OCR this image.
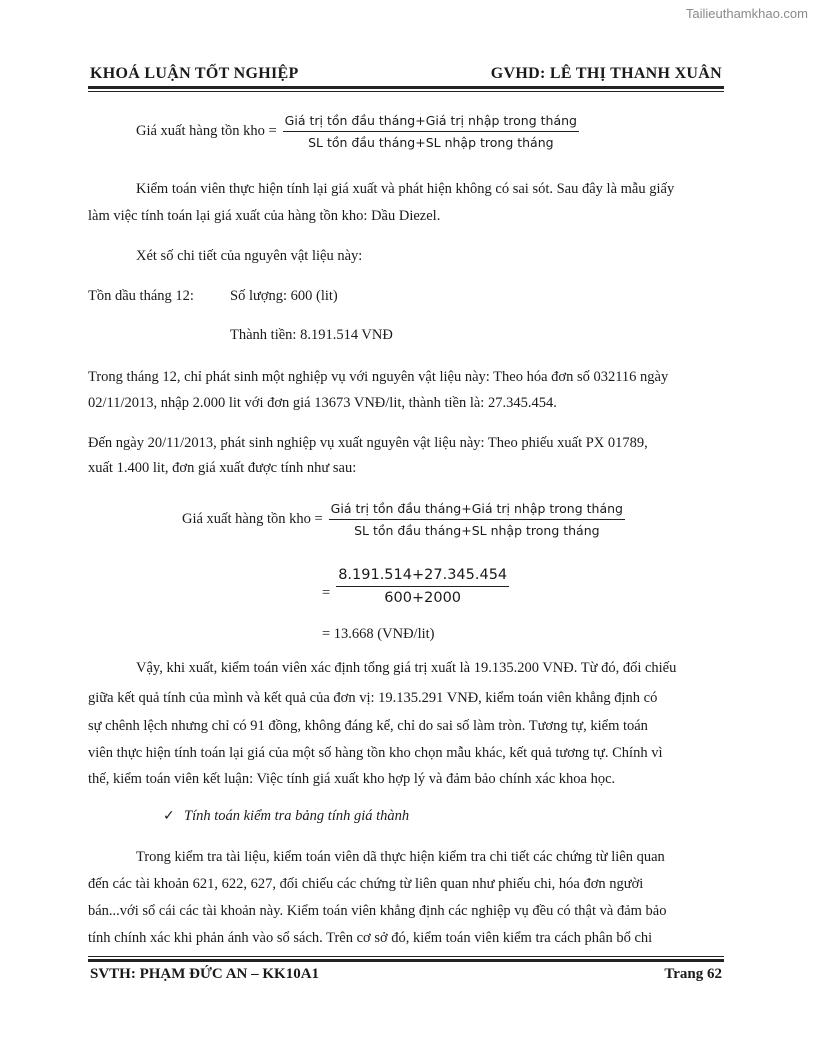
Tailieuthamkhao.com
KHOÁ LUẬN TỐT NGHIỆP	GVHD: LÊ THỊ THANH XUÂN
Giá xuất hàng tồn kho = $\frac{\text{Giá trị tồn đầu tháng+Giá trị nhập trong tháng}}{\text{SL tồn đầu tháng+SL nhập trong tháng}}$
Kiểm toán viên thực hiện tính lại giá xuất và phát hiện không có sai sót. Sau đây là mẫu giấy
làm việc tính toán lại giá xuất của hàng tồn kho: Dầu Diezel.
Xét số chi tiết của nguyên vật liệu này:
Tồn dầu tháng 12: Số lượng: 600 (lit)
Thành tiền: 8.191.514 VNĐ
Trong tháng 12, chỉ phát sinh một nghiệp vụ với nguyên vật liệu này: Theo hóa đơn số 032116 ngày
02/11/2013, nhập 2.000 lit với đơn giá 13673 VNĐ/lit, thành tiền là: 27.345.454.
Đến ngày 20/11/2013, phát sinh nghiệp vụ xuất nguyên vật liệu này: Theo phiếu xuất PX 01789,
xuất 1.400 lit, đơn giá xuất được tính như sau:
Giá xuất hàng tồn kho = $\frac{\text{Giá trị tồn đầu tháng+Giá trị nhập trong tháng}}{\text{SL tồn đầu tháng+SL nhập trong tháng}}$
= $\frac{8.191.514+27.345.454}{600+2000}$
= 13.668 (VNĐ/lit)
Vậy, khi xuất, kiểm toán viên xác định tổng giá trị xuất là 19.135.200 VNĐ. Từ đó, đối chiếu
giữa kết quả tính của mình và kết quả của đơn vị: 19.135.291 VNĐ, kiểm toán viên khẳng định có
sự chênh lệch nhưng chỉ có 91 đồng, không đáng kể, chỉ do sai số làm tròn. Tương tự, kiểm toán
viên thực hiện tính toán lại giá của một số hàng tồn kho chọn mẫu khác, kết quả tương tự. Chính vì
thế, kiểm toán viên kết luận: Việc tính giá xuất kho hợp lý và đảm bảo chính xác khoa học.
✓ Tính toán kiểm tra bảng tính giá thành
Trong kiểm tra tài liệu, kiểm toán viên dã thực hiện kiểm tra chi tiết các chứng từ liên quan
đến các tài khoản 621, 622, 627, đối chiếu các chứng từ liên quan như phiếu chi, hóa đơn người
bán...với sổ cái các tài khoản này. Kiểm toán viên khẳng định các nghiệp vụ đều có thật và đảm bảo
tính chính xác khi phản ánh vào sổ sách. Trên cơ sở đó, kiểm toán viên kiểm tra cách phân bổ chi
SVTH: PHẠM ĐỨC AN – KK10A1	Trang 62
